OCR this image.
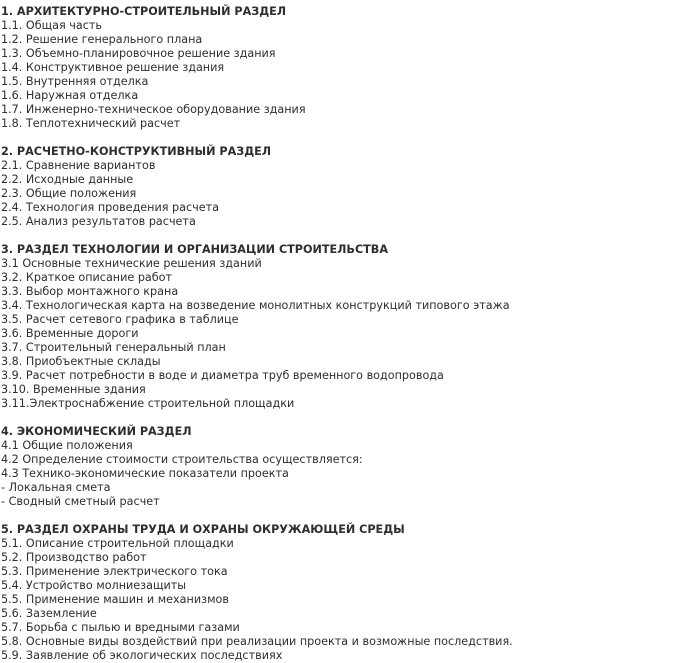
1. АРХИТЕКТУРНО-СТРОИТЕЛЬНЫЙ РАЗДЕЛ
1.1. Общая часть
1.2. Решение генерального плана
1.3. Объемно-планировочное решение здания
1.4. Конструктивное решение здания
1.5. Внутренняя отделка
1.6. Наружная отделка
1.7. Инженерно-техническое оборудование здания
1.8. Теплотехнический расчет
2. РАСЧЕТНО-КОНСТРУКТИВНЫЙ РАЗДЕЛ
2.1. Сравнение вариантов
2.2. Исходные данные
2.3. Общие положения
2.4. Технология проведения расчета
2.5. Анализ результатов расчета
3. РАЗДЕЛ ТЕХНОЛОГИИ И ОРГАНИЗАЦИИ СТРОИТЕЛЬСТВА
3.1 Основные технические решения зданий
3.2. Краткое описание работ
3.3. Выбор монтажного крана
3.4. Технологическая карта на возведение монолитных конструкций типового этажа
3.5. Расчет сетевого графика в таблице
3.6. Временные дороги
3.7. Строительный генеральный план
3.8. Приобъектные склады
3.9. Расчет потребности в воде и диаметра труб временного водопровода
3.10. Временные здания
3.11.Электроснабжение строительной площадки
4. ЭКОНОМИЧЕСКИЙ РАЗДЕЛ
4.1 Общие положения
4.2 Определение стоимости строительства осуществляется:
4.3 Технико-экономические показатели проекта
- Локальная смета
- Сводный сметный расчет
5. РАЗДЕЛ ОХРАНЫ ТРУДА И ОХРАНЫ ОКРУЖАЮЩЕЙ СРЕДЫ
5.1. Описание строительной площадки
5.2. Производство работ
5.3. Применение электрического тока
5.4. Устройство молниезащиты
5.5. Применение машин и механизмов
5.6. Заземление
5.7. Борьба с пылью и вредными газами
5.8. Основные виды воздействий при реализации проекта и возможные последствия.
5.9. Заявление об экологических последствиях
